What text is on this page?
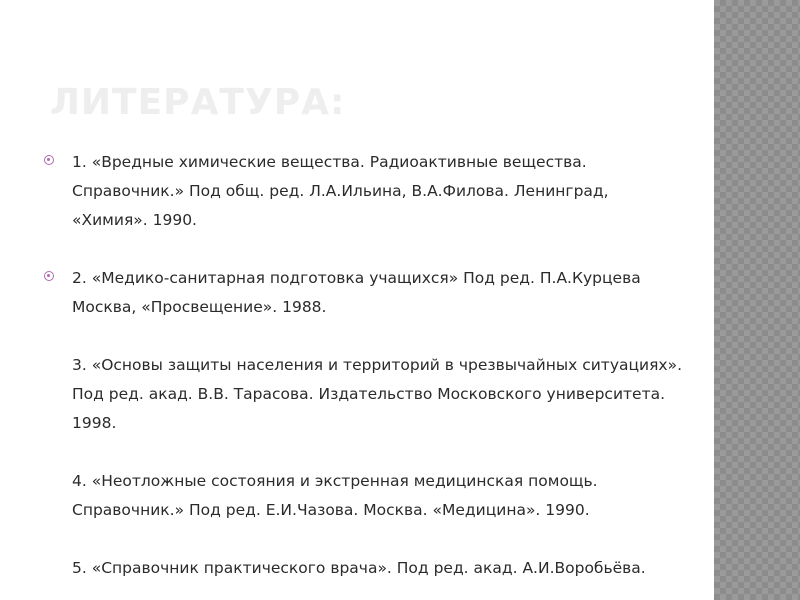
ЛИТЕРАТУРА:
1. «Вредные химические вещества. Радиоактивные вещества. Справочник.» Под общ. ред. Л.А.Ильина, В.А.Филова. Ленинград, «Химия». 1990.
2. «Медико-санитарная подготовка учащихся» Под ред. П.А.Курцева Москва, «Просвещение». 1988.
3. «Основы защиты населения и территорий в чрезвычайных ситуациях». Под ред. акад. В.В. Тарасова. Издательство Московского университета. 1998.
4. «Неотложные состояния и экстренная медицинская помощь. Справочник.» Под ред. Е.И.Чазова. Москва. «Медицина». 1990.
5. «Справочник практического врача». Под ред. акад. А.И.Воробьёва.
